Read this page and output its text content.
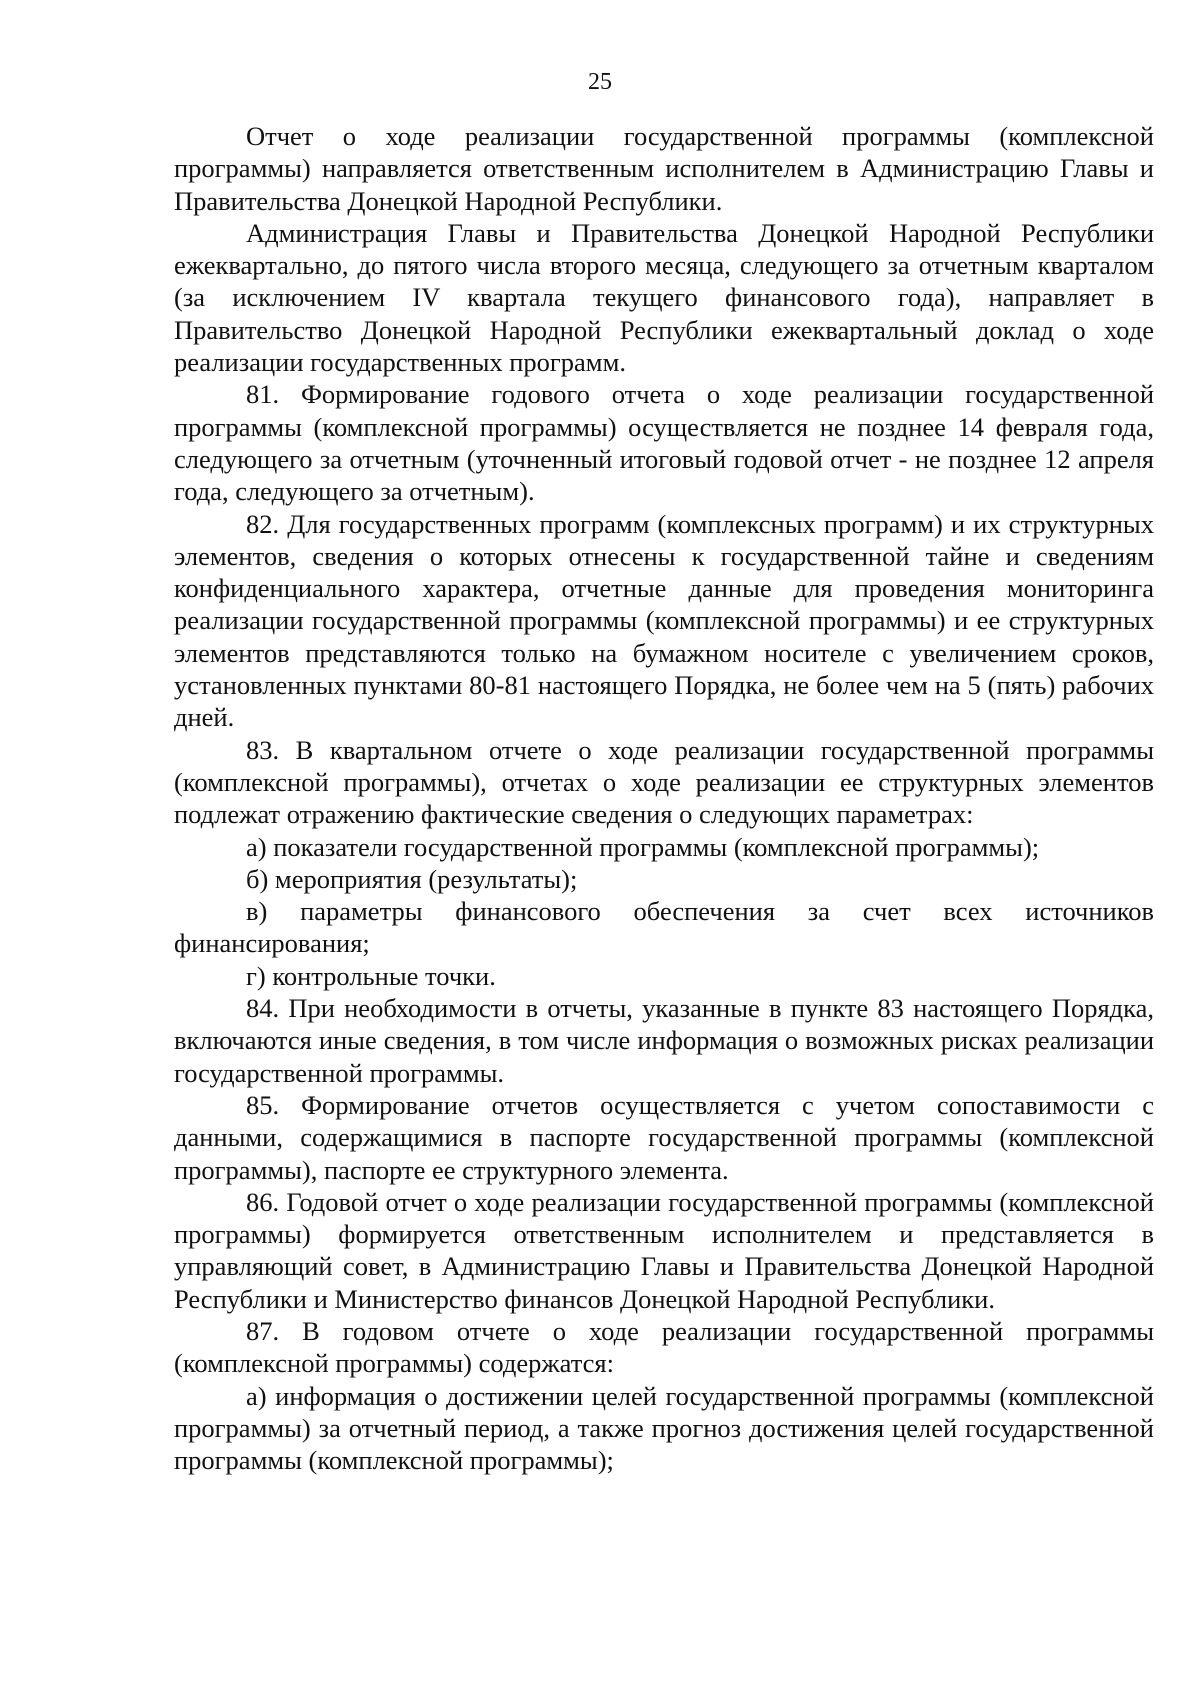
25

Отчет о ходе реализации государственной программы (комплексной программы) направляется ответственным исполнителем в Администрацию Главы и Правительства Донецкой Народной Республики.

Администрация Главы и Правительства Донецкой Народной Республики ежеквартально, до пятого числа второго месяца, следующего за отчетным кварталом (за исключением IV квартала текущего финансового года), направляет в Правительство Донецкой Народной Республики ежеквартальный доклад о ходе реализации государственных программ.

81. Формирование годового отчета о ходе реализации государственной программы (комплексной программы) осуществляется не позднее 14 февраля года, следующего за отчетным (уточненный итоговый годовой отчет - не позднее 12 апреля года, следующего за отчетным).

82. Для государственных программ (комплексных программ) и их структурных элементов, сведения о которых отнесены к государственной тайне и сведениям конфиденциального характера, отчетные данные для проведения мониторинга реализации государственной программы (комплексной программы) и ее структурных элементов представляются только на бумажном носителе с увеличением сроков, установленных пунктами 80-81 настоящего Порядка, не более чем на 5 (пять) рабочих дней.

83. В квартальном отчете о ходе реализации государственной программы (комплексной программы), отчетах о ходе реализации ее структурных элементов подлежат отражению фактические сведения о следующих параметрах:

а) показатели государственной программы (комплексной программы);

б) мероприятия (результаты);

в) параметры финансового обеспечения за счет всех источников финансирования;

г) контрольные точки.

84. При необходимости в отчеты, указанные в пункте 83 настоящего Порядка, включаются иные сведения, в том числе информация о возможных рисках реализации государственной программы.

85. Формирование отчетов осуществляется с учетом сопоставимости с данными, содержащимися в паспорте государственной программы (комплексной программы), паспорте ее структурного элемента.

86. Годовой отчет о ходе реализации государственной программы (комплексной программы) формируется ответственным исполнителем и представляется в управляющий совет, в Администрацию Главы и Правительства Донецкой Народной Республики и Министерство финансов Донецкой Народной Республики.

87. В годовом отчете о ходе реализации государственной программы (комплексной программы) содержатся:

а) информация о достижении целей государственной программы (комплексной программы) за отчетный период, а также прогноз достижения целей государственной программы (комплексной программы);
